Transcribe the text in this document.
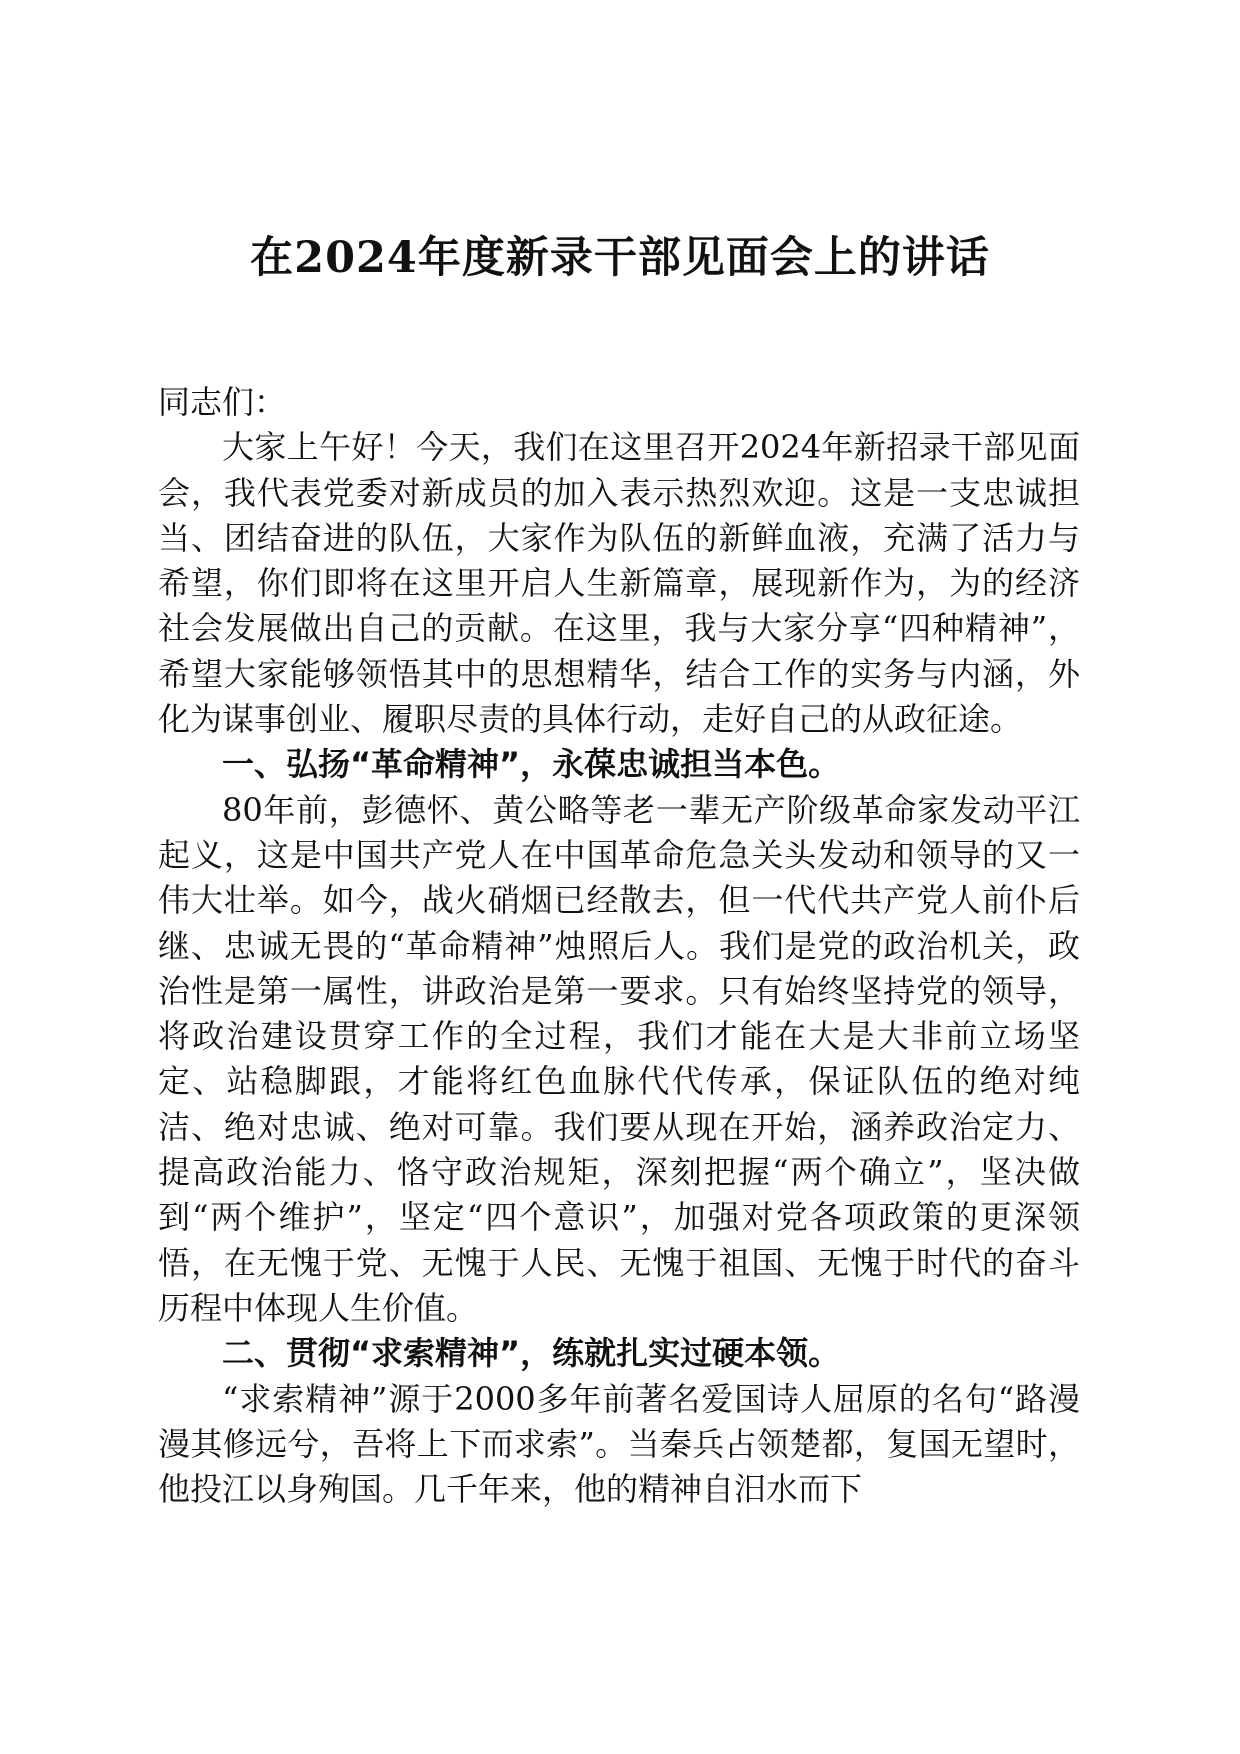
在2024年度新录干部见面会上的讲话

同志们：

大家上午好！今天，我们在这里召开2024年新招录干部见面会，我代表党委对新成员的加入表示热烈欢迎。这是一支忠诚担当、团结奋进的队伍，大家作为队伍的新鲜血液，充满了活力与希望，你们即将在这里开启人生新篇章，展现新作为，为的经济社会发展做出自己的贡献。在这里，我与大家分享“四种精神”，希望大家能够领悟其中的思想精华，结合工作的实务与内涵，外化为谋事创业、履职尽责的具体行动，走好自己的从政征途。

一、弘扬“革命精神”，永葆忠诚担当本色。

80年前，彭德怀、黄公略等老一辈无产阶级革命家发动平江起义，这是中国共产党人在中国革命危急关头发动和领导的又一伟大壮举。如今，战火硝烟已经散去，但一代代共产党人前仆后继、忠诚无畏的“革命精神”烛照后人。我们是党的政治机关，政治性是第一属性，讲政治是第一要求。只有始终坚持党的领导，将政治建设贯穿工作的全过程，我们才能在大是大非前立场坚定、站稳脚跟，才能将红色血脉代代传承，保证队伍的绝对纯洁、绝对忠诚、绝对可靠。我们要从现在开始，涵养政治定力、提高政治能力、恪守政治规矩，深刻把握“两个确立”，坚决做到“两个维护”，坚定“四个意识”，加强对党各项政策的更深领悟，在无愧于党、无愧于人民、无愧于祖国、无愧于时代的奋斗历程中体现人生价值。

二、贯彻“求索精神”，练就扎实过硬本领。

“求索精神”源于2000多年前著名爱国诗人屈原的名句“路漫漫其修远兮，吾将上下而求索”。当秦兵占领楚都，复国无望时，他投江以身殉国。几千年来，他的精神自汨水而下
